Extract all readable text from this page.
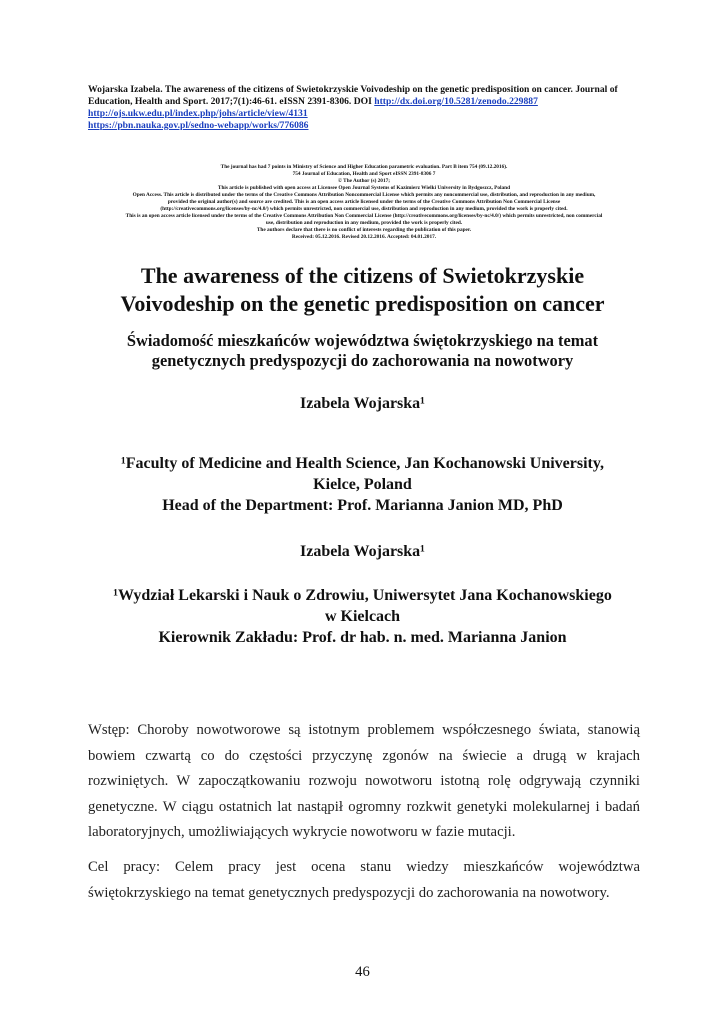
Wojarska Izabela. The awareness of the citizens of Swietokrzyskie Voivodeship on the genetic predisposition on cancer. Journal of
Education, Health and Sport. 2017;7(1):46-61. eISSN 2391-8306. DOI http://dx.doi.org/10.5281/zenodo.229887
http://ojs.ukw.edu.pl/index.php/johs/article/view/4131
https://pbn.nauka.gov.pl/sedno-webapp/works/776086
The journal has had 7 points in Ministry of Science and Higher Education parametric evaluation. Part B item 754 (09.12.2016).
754 Journal of Education, Health and Sport eISSN 2391-8306 7
© The Author (s) 2017;
This article is published with open access at Licensee Open Journal Systems of Kazimierz Wielki University in Bydgoszcz, Poland
Open Access. This article is distributed under the terms of the Creative Commons Attribution Noncommercial License which permits any noncommercial use, distribution, and reproduction in any medium,
provided the original author(s) and source are credited. This is an open access article licensed under the terms of the Creative Commons Attribution Non Commercial License
(http://creativecommons.org/licenses/by-nc/4.0/) which permits unrestricted, non commercial use, distribution and reproduction in any medium, provided the work is properly cited.
This is an open access article licensed under the terms of the Creative Commons Attribution Non Commercial License (http://creativecommons.org/licenses/by-nc/4.0/) which permits unrestricted, non commercial
use, distribution and reproduction in any medium, provided the work is properly cited.
The authors declare that there is no conflict of interests regarding the publication of this paper.
Received: 05.12.2016. Revised 20.12.2016. Accepted: 04.01.2017.
The awareness of the citizens of Swietokrzyskie
Voivodeship on the genetic predisposition on cancer
Świadomość mieszkańców województwa świętokrzyskiego na temat
genetycznych predyspozycji do zachorowania na nowotwory
Izabela Wojarska¹
¹Faculty of Medicine and Health Science, Jan Kochanowski University,
Kielce, Poland
Head of the Department: Prof. Marianna Janion MD, PhD
Izabela Wojarska¹
¹Wydział Lekarski i Nauk o Zdrowiu, Uniwersytet Jana Kochanowskiego
w Kielcach
Kierownik Zakładu: Prof. dr hab. n. med. Marianna Janion
Wstęp: Choroby nowotworowe są istotnym problemem współczesnego świata, stanowią
bowiem czwartą co do częstości przyczynę zgonów na świecie a drugą w krajach
rozwiniętych. W zapoczątkowaniu rozwoju nowotworu istotną rolę odgrywają czynniki
genetyczne. W ciągu ostatnich lat nastąpił ogromny rozkwit genetyki molekularnej i badań
laboratoryjnych, umożliwiających wykrycie nowotworu w fazie mutacji.
Cel pracy: Celem pracy jest ocena stanu wiedzy mieszkańców województwa
świętokrzyskiego na temat genetycznych predyspozycji do zachorowania na nowotwory.
46
